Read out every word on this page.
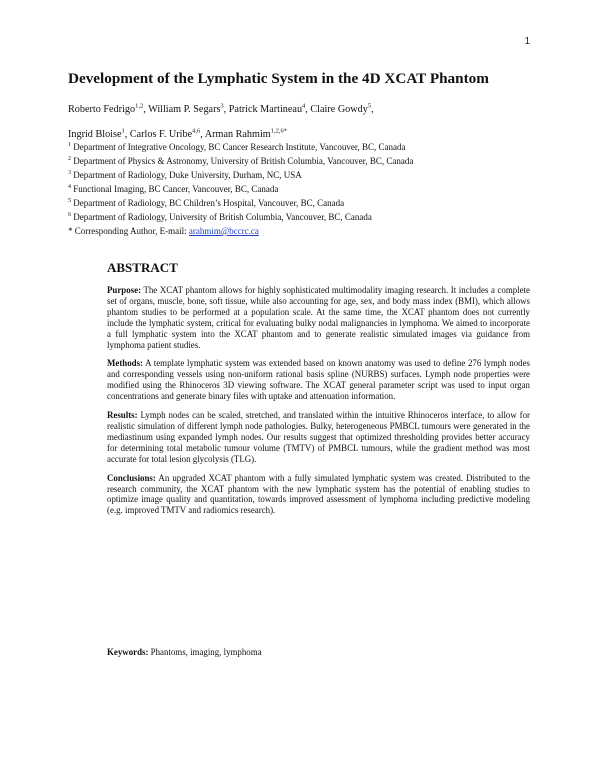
1
Development of the Lymphatic System in the 4D XCAT Phantom
Roberto Fedrigo$^{1,2}$, William P. Segars$^3$, Patrick Martineau$^4$, Claire Gowdy$^5$,
Ingrid Bloise$^1$, Carlos F. Uribe$^{4,6}$, Arman Rahmim$^{1,2,6*}$
$^1$ Department of Integrative Oncology, BC Cancer Research Institute, Vancouver, BC, Canada
$^2$ Department of Physics & Astronomy, University of British Columbia, Vancouver, BC, Canada
$^3$ Department of Radiology, Duke University, Durham, NC, USA
$^4$ Functional Imaging, BC Cancer, Vancouver, BC, Canada
$^5$ Department of Radiology, BC Children’s Hospital, Vancouver, BC, Canada
$^6$ Department of Radiology, University of British Columbia, Vancouver, BC, Canada
* Corresponding Author, E-mail: arahmim@bccrc.ca
ABSTRACT

Purpose: The XCAT phantom allows for highly sophisticated multimodality imaging research. It includes a complete set of organs, muscle, bone, soft tissue, while also accounting for age, sex, and body mass index (BMI), which allows phantom studies to be performed at a population scale. At the same time, the XCAT phantom does not currently include the lymphatic system, critical for evaluating bulky nodal malignancies in lymphoma. We aimed to incorporate a full lymphatic system into the XCAT phantom and to generate realistic simulated images via guidance from lymphoma patient studies.

Methods: A template lymphatic system was extended based on known anatomy was used to define 276 lymph nodes and corresponding vessels using non-uniform rational basis spline (NURBS) surfaces. Lymph node properties were modified using the Rhinoceros 3D viewing software. The XCAT general parameter script was used to input organ concentrations and generate binary files with uptake and attenuation information.

Results: Lymph nodes can be scaled, stretched, and translated within the intuitive Rhinoceros interface, to allow for realistic simulation of different lymph node pathologies. Bulky, heterogeneous PMBCL tumours were generated in the mediastinum using expanded lymph nodes. Our results suggest that optimized thresholding provides better accuracy for determining total metabolic tumour volume (TMTV) of PMBCL tumours, while the gradient method was most accurate for total lesion glycolysis (TLG).

Conclusions: An upgraded XCAT phantom with a fully simulated lymphatic system was created. Distributed to the research community, the XCAT phantom with the new lymphatic system has the potential of enabling studies to optimize image quality and quantitation, towards improved assessment of lymphoma including predictive modeling (e.g. improved TMTV and radiomics research).

Keywords: Phantoms, imaging, lymphoma
